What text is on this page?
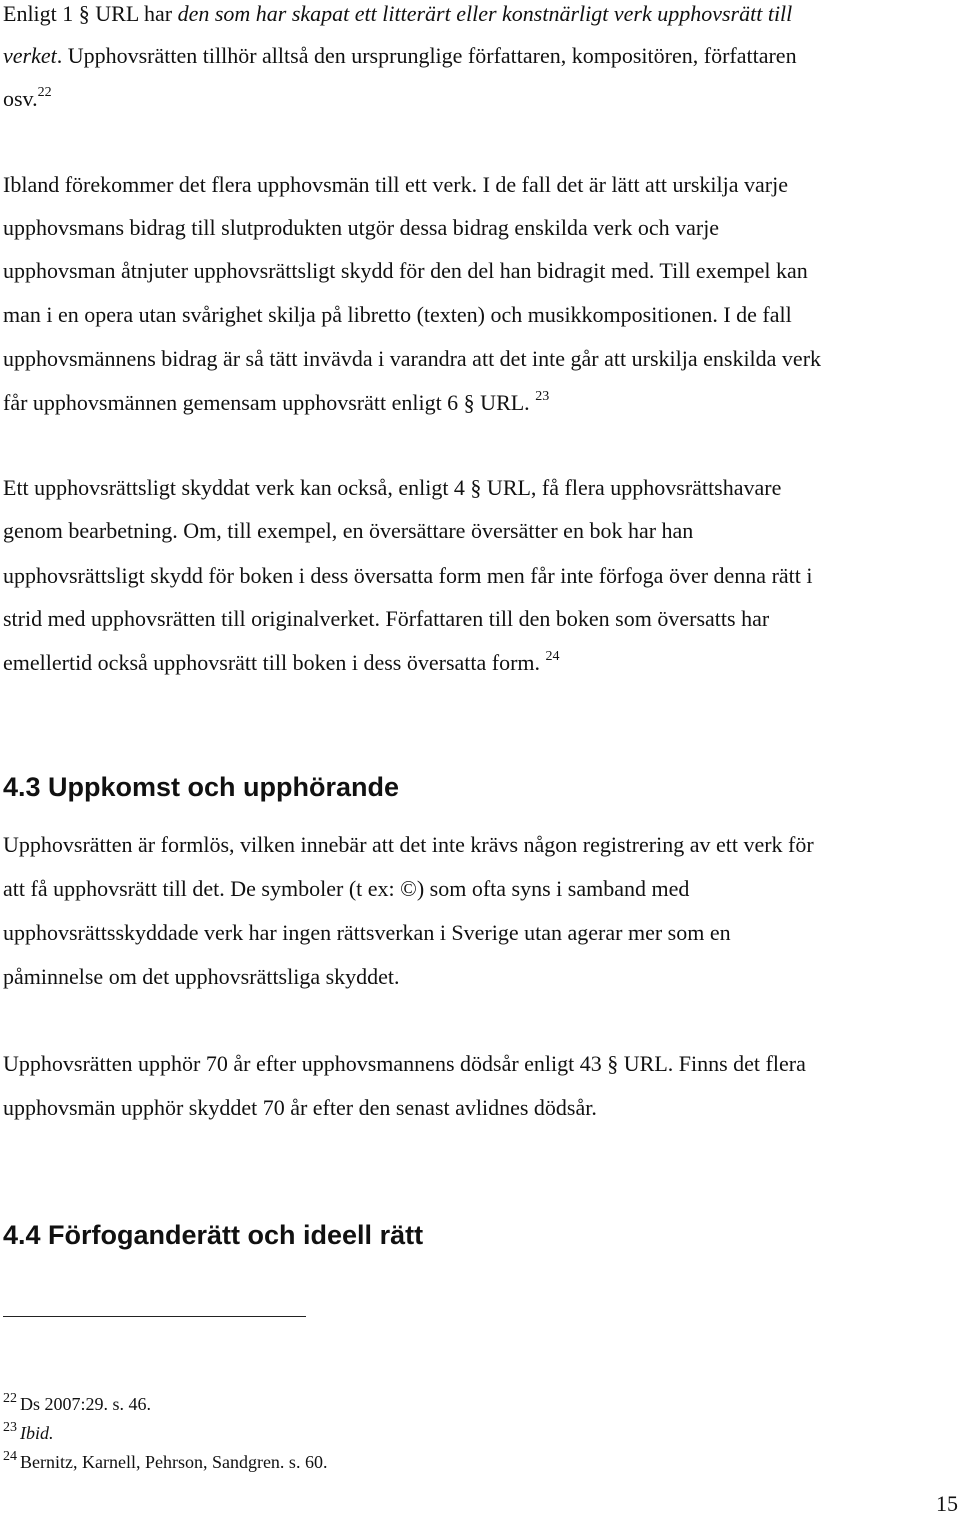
Enligt 1 § URL har den som har skapat ett litterärt eller konstnärligt verk upphovsrätt till
verket. Upphovsrätten tillhör alltså den ursprunglige författaren, kompositören, författaren
osv.$^{22}$
Ibland förekommer det flera upphovsmän till ett verk. I de fall det är lätt att urskilja varje
upphovsmans bidrag till slutprodukten utgör dessa bidrag enskilda verk och varje
upphovsman åtnjuter upphovsrättsligt skydd för den del han bidragit med. Till exempel kan
man i en opera utan svårighet skilja på libretto (texten) och musikkompositionen. I de fall
upphovsmännens bidrag är så tätt invävda i varandra att det inte går att urskilja enskilda verk
får upphovsmännen gemensam upphovsrätt enligt 6 § URL. $^{23}$
Ett upphovsrättsligt skyddat verk kan också, enligt 4 § URL, få flera upphovsrättshavare
genom bearbetning. Om, till exempel, en översättare översätter en bok har han
upphovsrättsligt skydd för boken i dess översatta form men får inte förfoga över denna rätt i
strid med upphovsrätten till originalverket. Författaren till den boken som översatts har
emellertid också upphovsrätt till boken i dess översatta form. $^{24}$
4.3 Uppkomst och upphörande
Upphovsrätten är formlös, vilken innebär att det inte krävs någon registrering av ett verk för
att få upphovsrätt till det. De symboler (t ex: ©) som ofta syns i samband med
upphovsrättsskyddade verk har ingen rättsverkan i Sverige utan agerar mer som en
påminnelse om det upphovsrättsliga skyddet.
Upphovsrätten upphör 70 år efter upphovsmannens dödsår enligt 43 § URL. Finns det flera
upphovsmän upphör skyddet 70 år efter den senast avlidnes dödsår.
4.4 Förfoganderätt och ideell rätt
$^{22}$ Ds 2007:29. s. 46.
$^{23}$ Ibid.
$^{24}$ Bernitz, Karnell, Pehrson, Sandgren. s. 60.
15
